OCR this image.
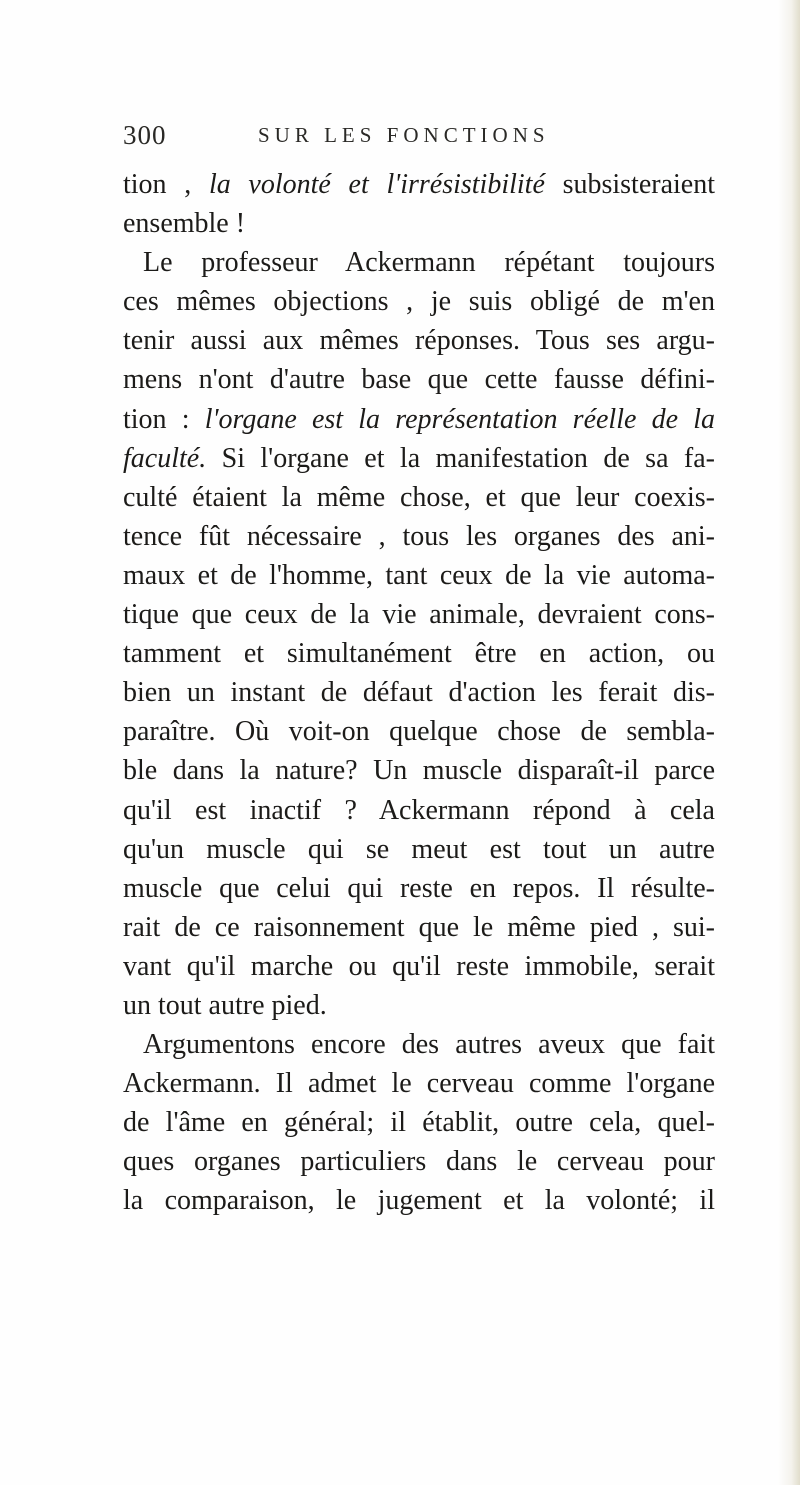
300	SUR LES FONCTIONS
tion , la volonté et l'irrésistibilité subsisteraient
ensemble !
Le professeur Ackermann répétant toujours
ces mêmes objections , je suis obligé de m'en
tenir aussi aux mêmes réponses. Tous ses argu-
mens n'ont d'autre base que cette fausse défini-
tion : l'organe est la représentation réelle de la
faculté. Si l'organe et la manifestation de sa fa-
culté étaient la même chose, et que leur coexis-
tence fût nécessaire , tous les organes des ani-
maux et de l'homme, tant ceux de la vie automa-
tique que ceux de la vie animale, devraient cons-
tamment et simultanément être en action, ou
bien un instant de défaut d'action les ferait dis-
paraître. Où voit-on quelque chose de sembla-
ble dans la nature? Un muscle disparaît-il parce
qu'il est inactif ? Ackermann répond à cela
qu'un muscle qui se meut est tout un autre
muscle que celui qui reste en repos. Il résulte-
rait de ce raisonnement que le même pied , sui-
vant qu'il marche ou qu'il reste immobile, serait
un tout autre pied.
Argumentons encore des autres aveux que fait
Ackermann. Il admet le cerveau comme l'organe
de l'âme en général; il établit, outre cela, quel-
ques organes particuliers dans le cerveau pour
la comparaison, le jugement et la volonté; il
